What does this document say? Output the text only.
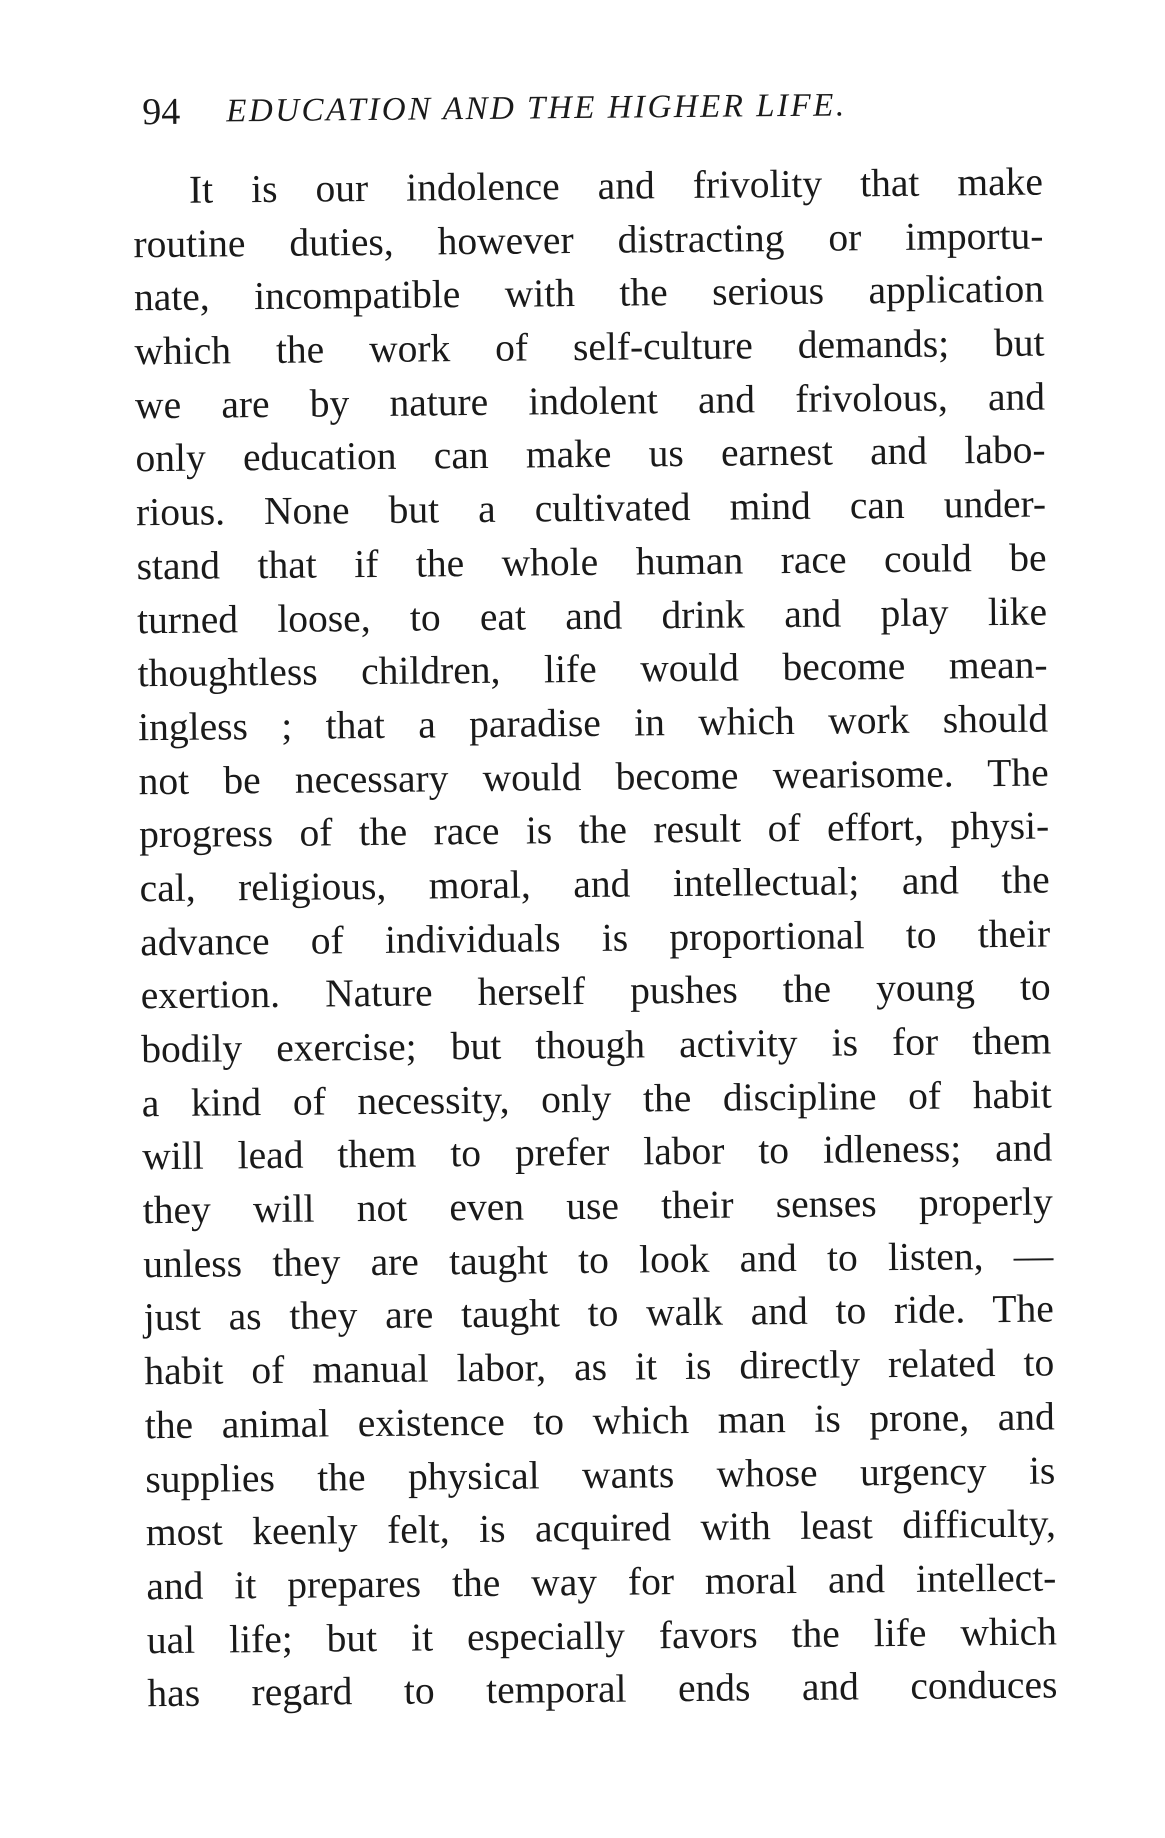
94 EDUCATION AND THE HIGHER LIFE.
It is our indolence and frivolity that make
routine duties, however distracting or importu-
nate, incompatible with the serious application
which the work of self-culture demands; but
we are by nature indolent and frivolous, and
only education can make us earnest and labo-
rious. None but a cultivated mind can under-
stand that if the whole human race could be
turned loose, to eat and drink and play like
thoughtless children, life would become mean-
ingless ; that a paradise in which work should
not be necessary would become wearisome. The
progress of the race is the result of effort, physi-
cal, religious, moral, and intellectual; and the
advance of individuals is proportional to their
exertion. Nature herself pushes the young to
bodily exercise; but though activity is for them
a kind of necessity, only the discipline of habit
will lead them to prefer labor to idleness; and
they will not even use their senses properly
unless they are taught to look and to listen, —
just as they are taught to walk and to ride. The
habit of manual labor, as it is directly related to
the animal existence to which man is prone, and
supplies the physical wants whose urgency is
most keenly felt, is acquired with least difficulty,
and it prepares the way for moral and intellect-
ual life; but it especially favors the life which
has regard to temporal ends and conduces
